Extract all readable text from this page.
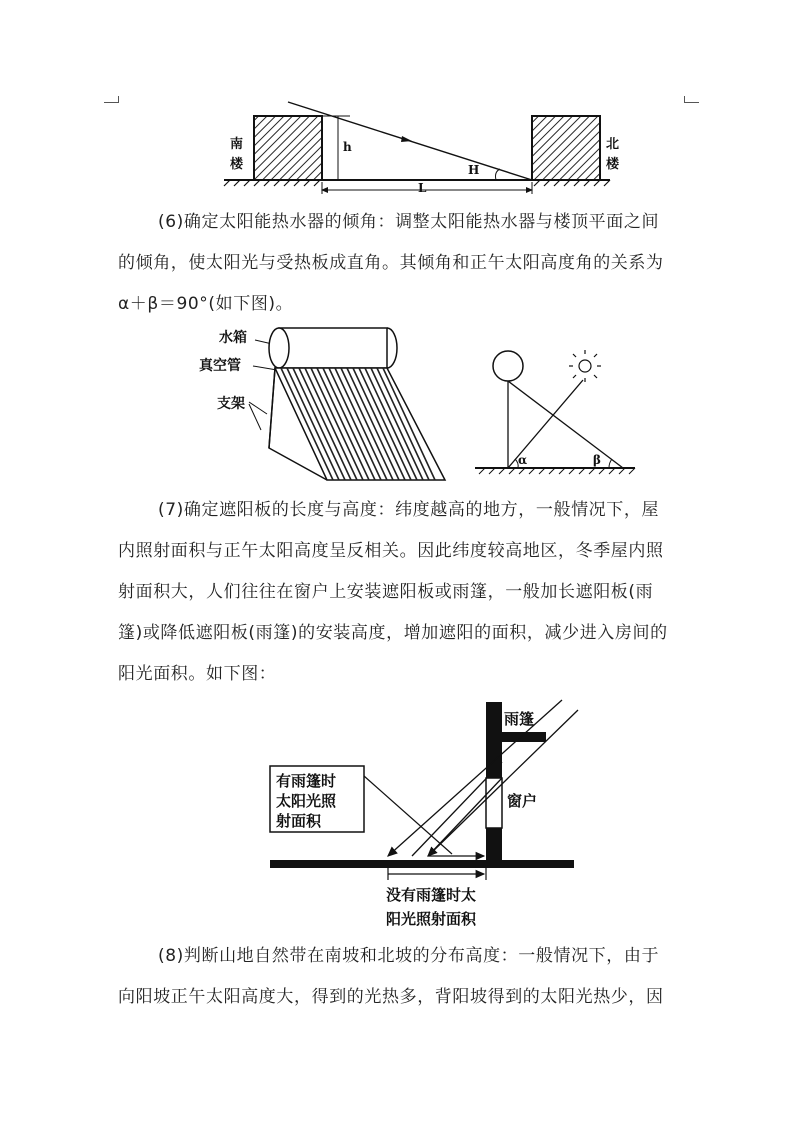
h
H
L
南楼
北楼

(6)确定太阳能热水器的倾角：调整太阳能热水器与楼顶平面之间
的倾角，使太阳光与受热板成直角。其倾角和正午太阳高度角的关系为
α＋β＝90°(如下图)。

水箱
真空管
支架
α	β

(7)确定遮阳板的长度与高度：纬度越高的地方，一般情况下，屋
内照射面积与正午太阳高度呈反相关。因此纬度较高地区，冬季屋内照
射面积大，人们往往在窗户上安装遮阳板或雨篷，一般加长遮阳板(雨
篷)或降低遮阳板(雨篷)的安装高度，增加遮阳的面积，减少进入房间的
阳光面积。如下图：

雨篷
窗户
有雨篷时
太阳光照
射面积
没有雨篷时太
阳光照射面积

(8)判断山地自然带在南坡和北坡的分布高度：一般情况下，由于
向阳坡正午太阳高度大，得到的光热多，背阳坡得到的太阳光热少，因
